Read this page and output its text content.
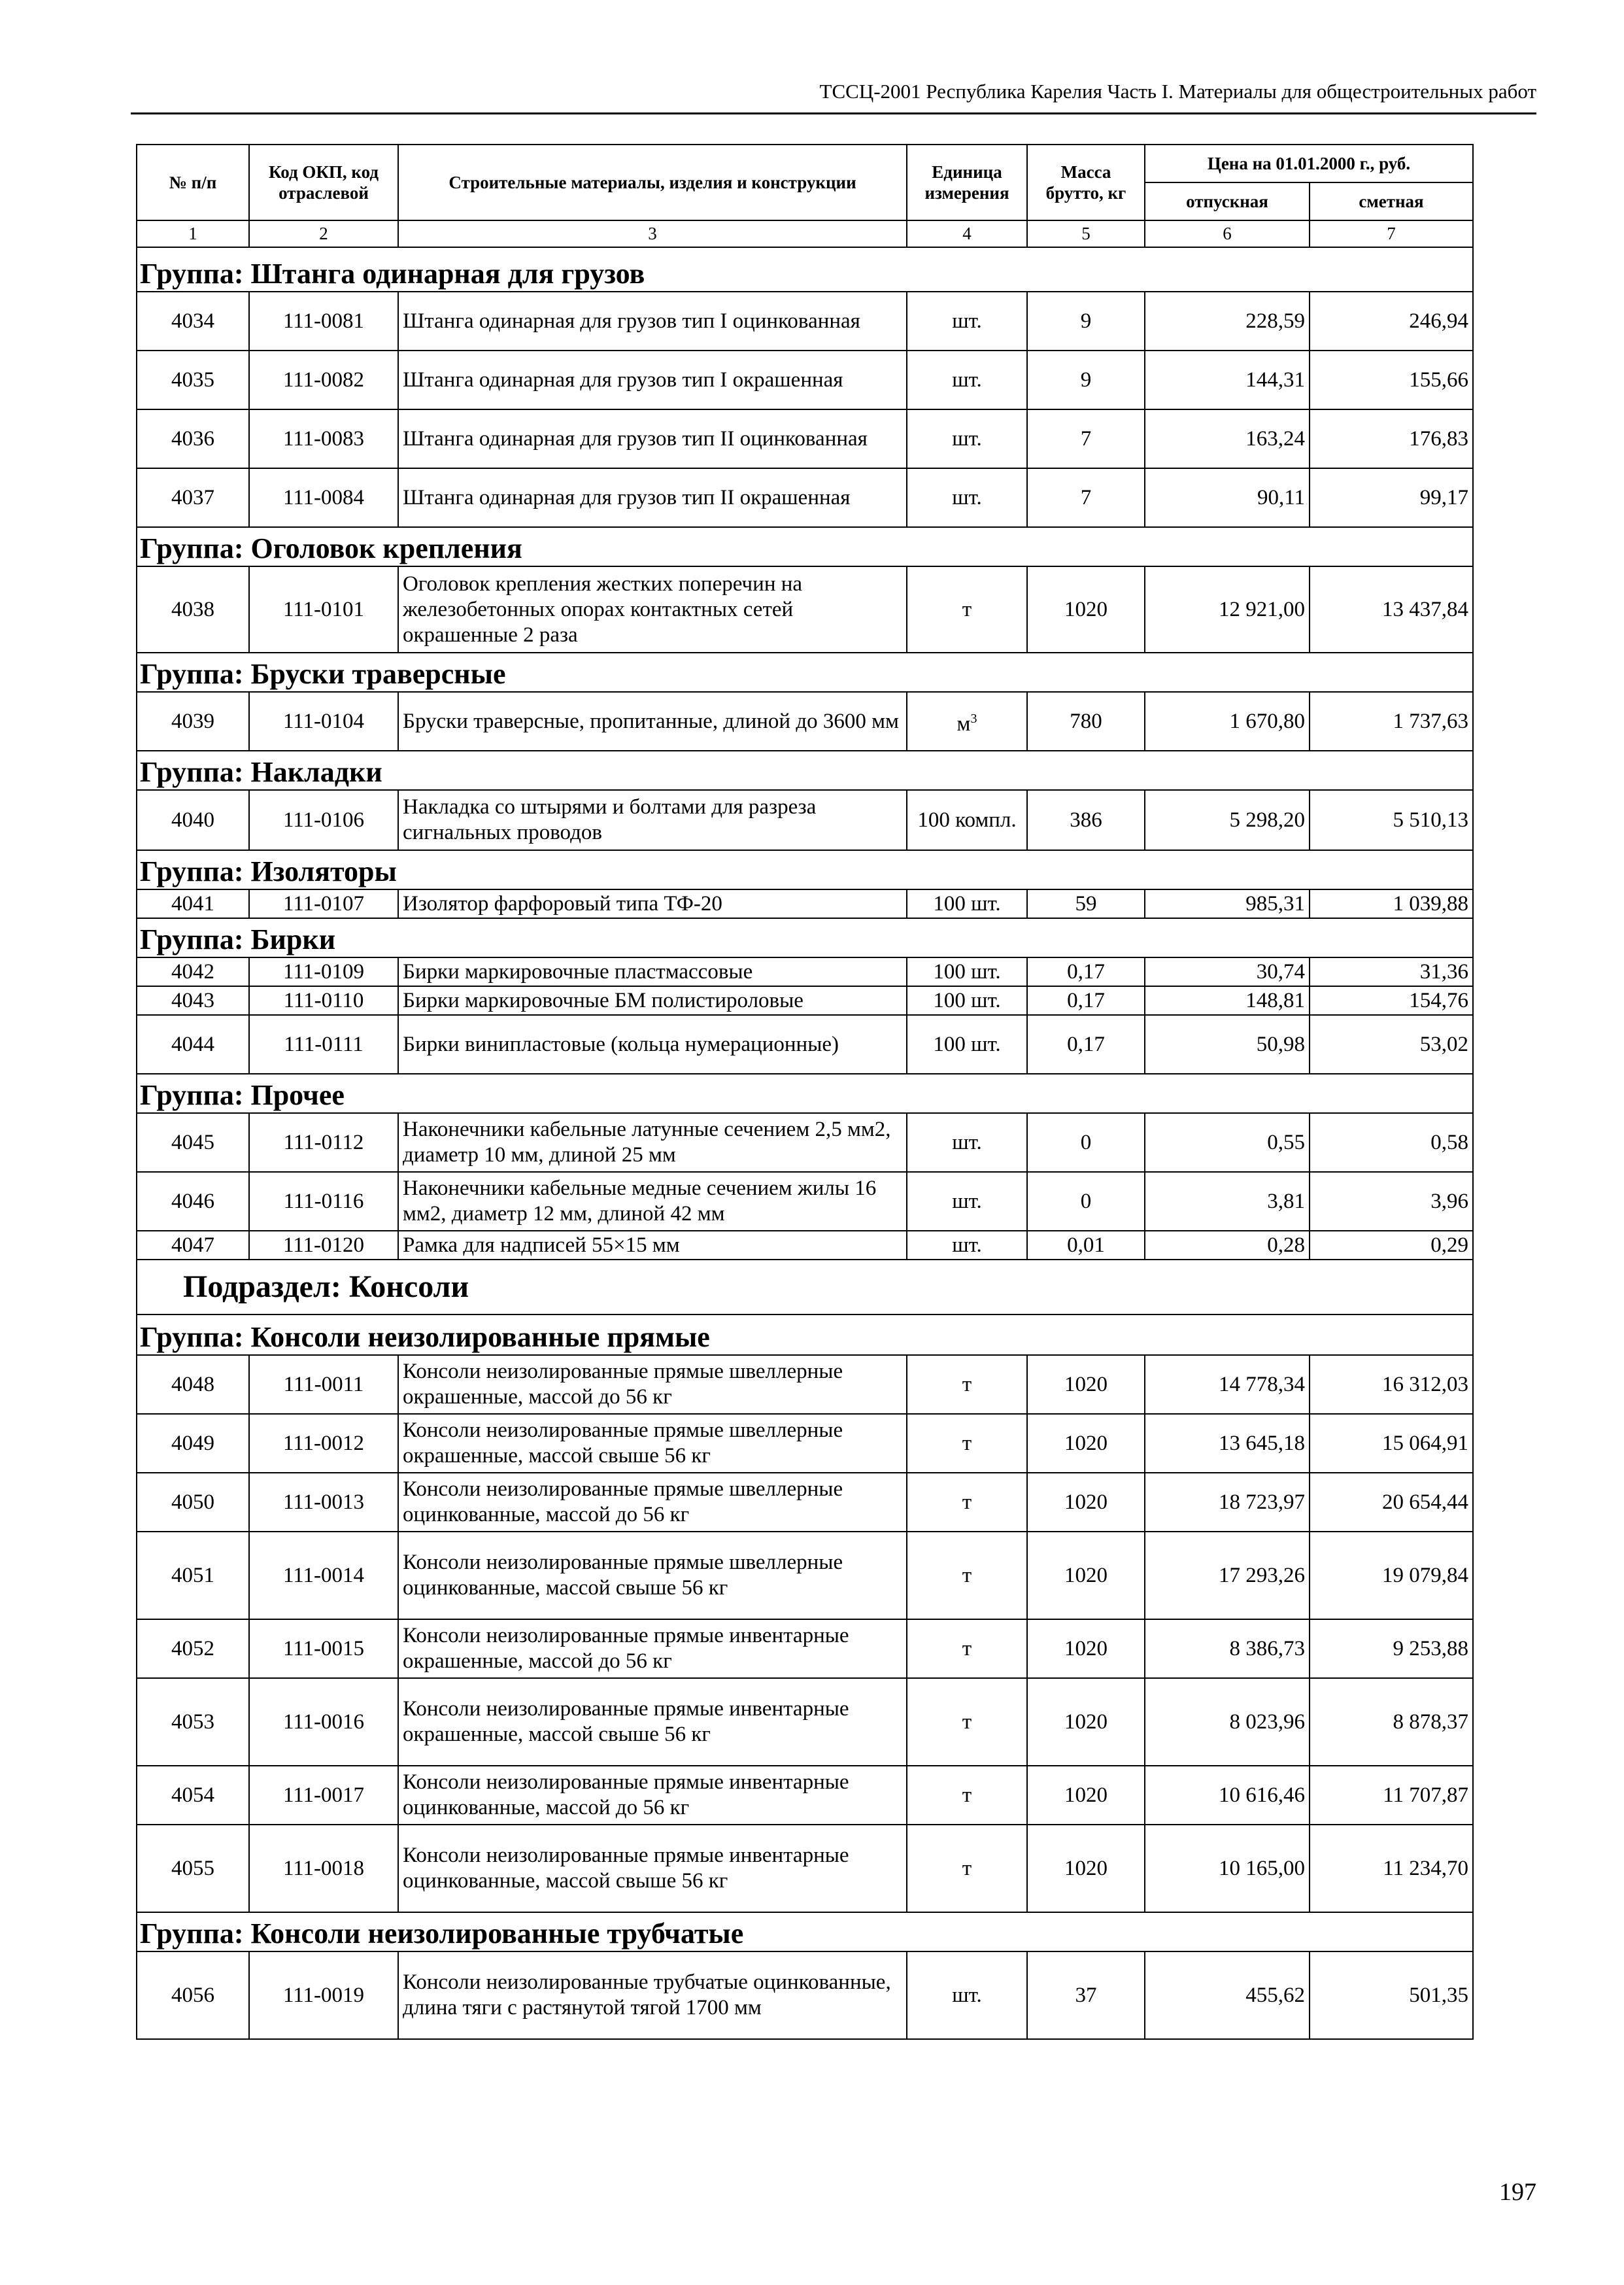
ТССЦ-2001 Республика Карелия Часть I. Материалы для общестроительных работ
№ п/п	Код ОКП, код отраслевой	Строительные материалы, изделия и конструкции	Единица измерения	Масса брутто, кг	Цена на 01.01.2000 г., руб.	
					отпускная	сметная
1	2	3	4	5	6	7
Группа: Штанга одинарная для грузов						
4034	111-0081	Штанга одинарная для грузов тип I оцинкованная	шт.	9	228,59	246,94
4035	111-0082	Штанга одинарная для грузов тип I окрашенная	шт.	9	144,31	155,66
4036	111-0083	Штанга одинарная для грузов тип II оцинкованная	шт.	7	163,24	176,83
4037	111-0084	Штанга одинарная для грузов тип II окрашенная	шт.	7	90,11	99,17
Группа: Оголовок крепления						
4038	111-0101	Оголовок крепления жестких поперечин на железобетонных опорах контактных сетей окрашенные 2 раза	т	1020	12 921,00	13 437,84
Группа: Бруски траверсные						
4039	111-0104	Бруски траверсные, пропитанные, длиной до 3600 мм	$м^3$	780	1 670,80	1 737,63
Группа: Накладки						
4040	111-0106	Накладка со штырями и болтами для разреза сигнальных проводов	100 компл.	386	5 298,20	5 510,13
Группа: Изоляторы						
4041	111-0107	Изолятор фарфоровый типа ТФ-20	100 шт.	59	985,31	1 039,88
Группа: Бирки						
4042	111-0109	Бирки маркировочные пластмассовые	100 шт.	0,17	30,74	31,36
4043	111-0110	Бирки маркировочные БМ полистироловые	100 шт.	0,17	148,81	154,76
4044	111-0111	Бирки винипластовые (кольца нумерационные)	100 шт.	0,17	50,98	53,02
Группа: Прочее						
4045	111-0112	Наконечники кабельные латунные сечением 2,5 мм2, диаметр 10 мм, длиной 25 мм	шт.	0	0,55	0,58
4046	111-0116	Наконечники кабельные медные сечением жилы 16 мм2, диаметр 12 мм, длиной 42 мм	шт.	0	3,81	3,96
4047	111-0120	Рамка для надписей 55×15 мм	шт.	0,01	0,28	0,29
Подраздел: Консоли						
Группа: Консоли неизолированные прямые						
4048	111-0011	Консоли неизолированные прямые швеллерные окрашенные, массой до 56 кг	т	1020	14 778,34	16 312,03
4049	111-0012	Консоли неизолированные прямые швеллерные окрашенные, массой свыше 56 кг	т	1020	13 645,18	15 064,91
4050	111-0013	Консоли неизолированные прямые швеллерные оцинкованные, массой до 56 кг	т	1020	18 723,97	20 654,44
4051	111-0014	Консоли неизолированные прямые швеллерные оцинкованные, массой свыше 56 кг	т	1020	17 293,26	19 079,84
4052	111-0015	Консоли неизолированные прямые инвентарные окрашенные, массой до 56 кг	т	1020	8 386,73	9 253,88
4053	111-0016	Консоли неизолированные прямые инвентарные окрашенные, массой свыше 56 кг	т	1020	8 023,96	8 878,37
4054	111-0017	Консоли неизолированные прямые инвентарные оцинкованные, массой до 56 кг	т	1020	10 616,46	11 707,87
4055	111-0018	Консоли неизолированные прямые инвентарные оцинкованные, массой свыше 56 кг	т	1020	10 165,00	11 234,70
Группа: Консоли неизолированные трубчатые						
4056	111-0019	Консоли неизолированные трубчатые оцинкованные, длина тяги с растянутой тягой 1700 мм	шт.	37	455,62	501,35
197
